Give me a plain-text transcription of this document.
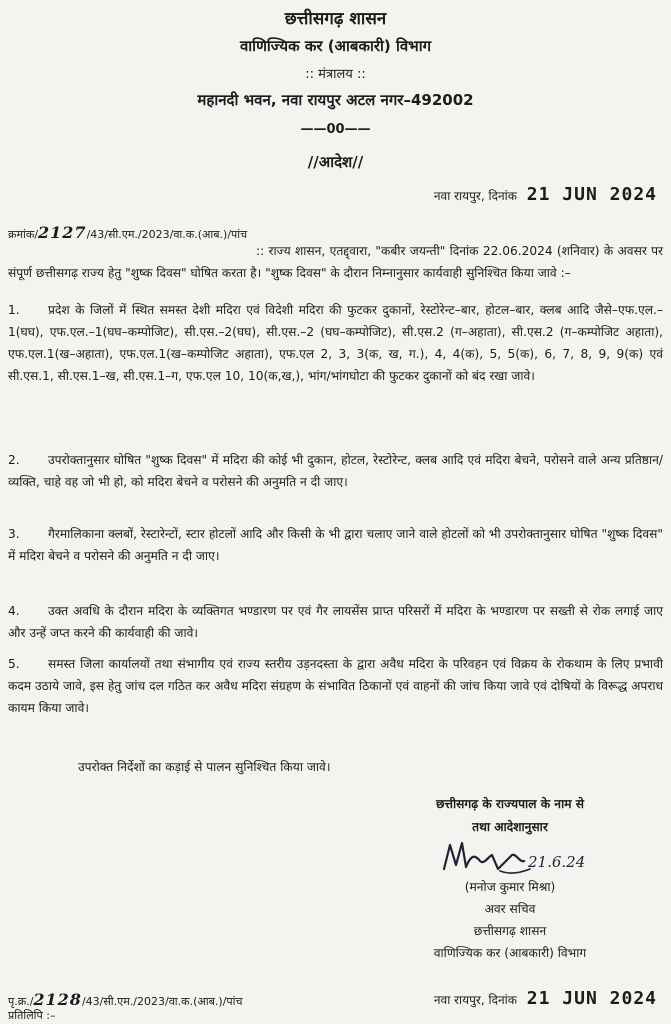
छत्तीसगढ़ शासन
वाणिज्यिक कर (आबकारी) विभाग
:: मंत्रालय ::
महानदी भवन, नवा रायपुर अटल नगर–492002
——00——
//आदेश//
नवा रायपुर, दिनांक 21 JUN 2024
क्रमांक/2127/43/सी.एम./2023/वा.क.(आब.)/पांच
:: राज्य शासन, एतद्द्वारा, "कबीर जयन्ती" दिनांक 22.06.2024 (शनिवार) के अवसर पर संपूर्ण छत्तीसगढ़ राज्य हेतु "शुष्क दिवस" घोषित करता है। "शुष्क दिवस" के दौरान निम्नानुसार कार्यवाही सुनिश्चित किया जावे :–
1. प्रदेश के जिलों में स्थित समस्त देशी मदिरा एवं विदेशी मदिरा की फुटकर दुकानों, रेस्टोरेन्ट–बार, होटल–बार, क्लब आदि जैसे–एफ.एल.–1(घघ), एफ.एल.–1(घघ–कम्पोजिट), सी.एस.–2(घघ), सी.एस.–2 (घघ–कम्पोजिट), सी.एस.2 (ग–अहाता), सी.एस.2 (ग–कम्पोजिट अहाता), एफ.एल.1(ख–अहाता), एफ.एल.1(ख–कम्पोजिट अहाता), एफ.एल 2, 3, 3(क, ख, ग.), 4, 4(क), 5, 5(क), 6, 7, 8, 9, 9(क) एवं सी.एस.1, सी.एस.1–ख, सी.एस.1–ग, एफ.एल 10, 10(क,ख,), भांग/भांगघोटा की फुटकर दुकानों को बंद रखा जावे।
2. उपरोक्तानुसार घोषित "शुष्क दिवस" में मदिरा की कोई भी दुकान, होटल, रेस्टोरेन्ट, क्लब आदि एवं मदिरा बेचने, परोसने वाले अन्य प्रतिष्ठान/व्यक्ति, चाहे वह जो भी हो, को मदिरा बेचने व परोसने की अनुमति न दी जाए।
3. गैरमालिकाना क्लबों, रेस्टारेन्टों, स्टार होटलों आदि और किसी के भी द्वारा चलाए जाने वाले होटलों को भी उपरोक्तानुसार घोषित "शुष्क दिवस" में मदिरा बेचने व परोसने की अनुमति न दी जाए।
4. उक्त अवधि के दौरान मदिरा के व्यक्तिगत भण्डारण पर एवं गैर लायसेंस प्राप्त परिसरों में मदिरा के भण्डारण पर सख्ती से रोक लगाई जाए और उन्हें जप्त करने की कार्यवाही की जावे।
5. समस्त जिला कार्यालयों तथा संभागीय एवं राज्य स्तरीय उड़नदस्ता के द्वारा अवैध मदिरा के परिवहन एवं विक्रय के रोकथाम के लिए प्रभावी कदम उठाये जावे, इस हेतु जांच दल गठित कर अवैध मदिरा संग्रहण के संभावित ठिकानों एवं वाहनों की जांच किया जावे एवं दोषियों के विरूद्ध अपराध कायम किया जावे।
उपरोक्त निर्देशों का कड़ाई से पालन सुनिश्चित किया जावे।
छत्तीसगढ़ के राज्यपाल के नाम से
तथा आदेशानुसार
21.6.24
(मनोज कुमार मिश्रा)
अवर सचिव
छत्तीसगढ़ शासन
वाणिज्यिक कर (आबकारी) विभाग
पृ.क्र./2128/43/सी.एम./2023/वा.क.(आब.)/पांच	नवा रायपुर, दिनांक 21 JUN 2024
प्रतिलिपि :–
